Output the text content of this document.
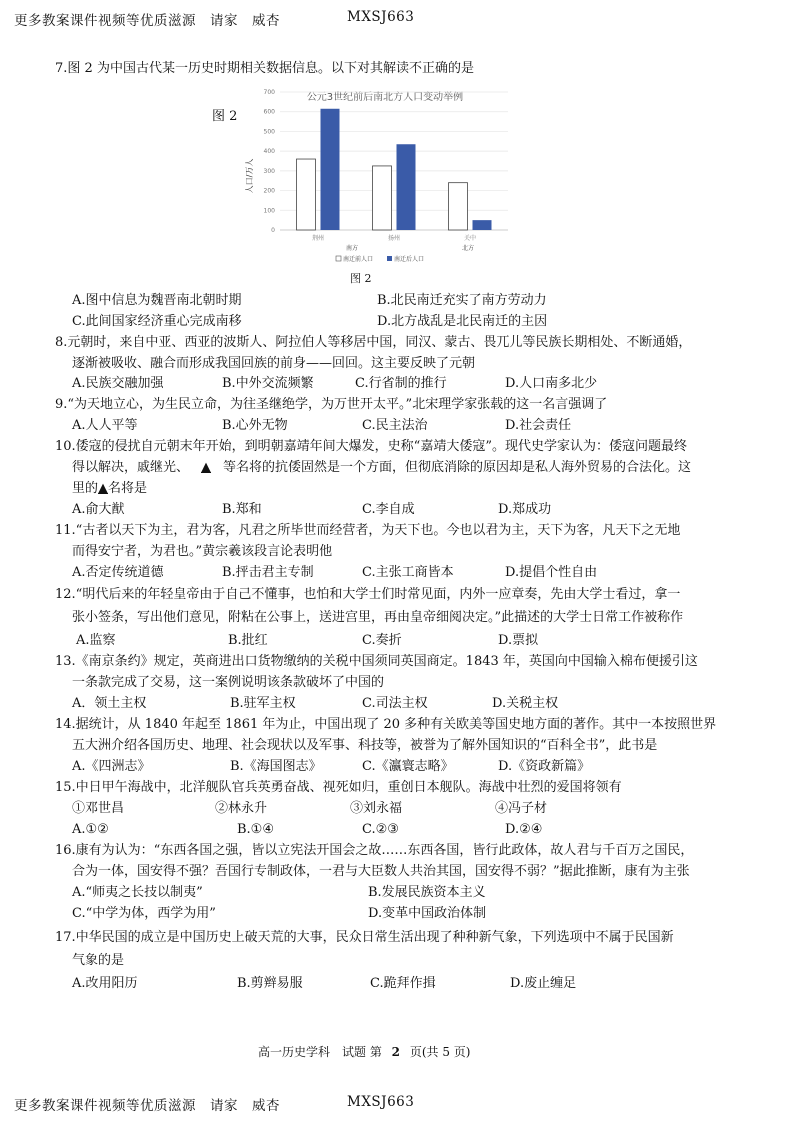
更多教案课件视频等优质滋源　请家　威杏	MXSJ663
7.图 2 为中国古代某一历史时期相关数据信息。以下对其解读不正确的是
图 2
公元3世纪前后南北方人口变动举例
0
100
200
300
400
500
600
700
荆州	扬州	关中
人口/万人
南方	北方
南迁前人口	南迁后人口
图 2
A.图中信息为魏晋南北朝时期	B.北民南迁充实了南方劳动力
C.此间国家经济重心完成南移	D.北方战乱是北民南迁的主因
8.元朝时，来自中亚、西亚的波斯人、阿拉伯人等移居中国，同汉、蒙古、畏兀儿等民族长期相处、不断通婚，
逐渐被吸收、融合而形成我国回族的前身——回回。这主要反映了元朝
A.民族交融加强	B.中外交流频繁	C.行省制的推行	D.人口南多北少
9.“为天地立心，为生民立命，为往圣继绝学，为万世开太平。”北宋理学家张载的这一名言强调了
A.人人平等	B.心外无物	C.民主法治	D.社会责任
10.倭寇的侵扰自元朝末年开始，到明朝嘉靖年间大爆发，史称“嘉靖大倭寇”。现代史学家认为：倭寇问题最终
得以解决，戚继光、 ▲ 等名将的抗倭固然是一个方面，但彻底消除的原因却是私人海外贸易的合法化。这
里的▲名将是
A.俞大猷	B.郑和	C.李自成	D.郑成功
11.“古者以天下为主，君为客，凡君之所毕世而经营者，为天下也。今也以君为主，天下为客，凡天下之无地
而得安宁者，为君也。”黄宗羲该段言论表明他
A.否定传统道德	B.抨击君主专制	C.主张工商皆本	D.提倡个性自由
12.“明代后来的年轻皇帝由于自己不懂事，也怕和大学士们时常见面，内外一应章奏，先由大学士看过，拿一
张小签条，写出他们意见，附粘在公事上，送进宫里，再由皇帝细阅决定。”此描述的大学士日常工作被称作
A.监察	B.批红	C.奏折	D.票拟
13.《南京条约》规定，英商进出口货物缴纳的关税中国须同英国商定。1843 年，英国向中国输入棉布便援引这
一条款完成了交易，这一案例说明该条款破坏了中国的
A．领土主权	B.驻军主权	C.司法主权	D.关税主权
14.据统计，从 1840 年起至 1861 年为止，中国出现了 20 多种有关欧美等国史地方面的著作。其中一本按照世界
五大洲介绍各国历史、地理、社会现状以及军事、科技等，被誉为了解外国知识的“百科全书”，此书是
A.《四洲志》	B.《海国图志》	C.《瀛寰志略》	D.《资政新篇》
15.中日甲午海战中，北洋舰队官兵英勇奋战、视死如归，重创日本舰队。海战中壮烈的爱国将领有
①邓世昌	②林永升	③刘永福	④冯子材
A.①②	B.①④	C.②③	D.②④
16.康有为认为：“东西各国之强，皆以立宪法开国会之故……东西各国，皆行此政体，故人君与千百万之国民，
合为一体，国安得不强？吾国行专制政体，一君与大臣数人共治其国，国安得不弱？”据此推断，康有为主张
A.“师夷之长技以制夷”	B.发展民族资本主义
C.“中学为体，西学为用”	D.变革中国政治体制
17.中华民国的成立是中国历史上破天荒的大事，民众日常生活出现了种种新气象，下列选项中不属于民国新
气象的是
A.改用阳历	B.剪辫易服	C.跪拜作揖	D.废止缠足
高一历史学科　试题 第 2 页(共 5 页)
更多教案课件视频等优质滋源　请家　威杏	MXSJ663
